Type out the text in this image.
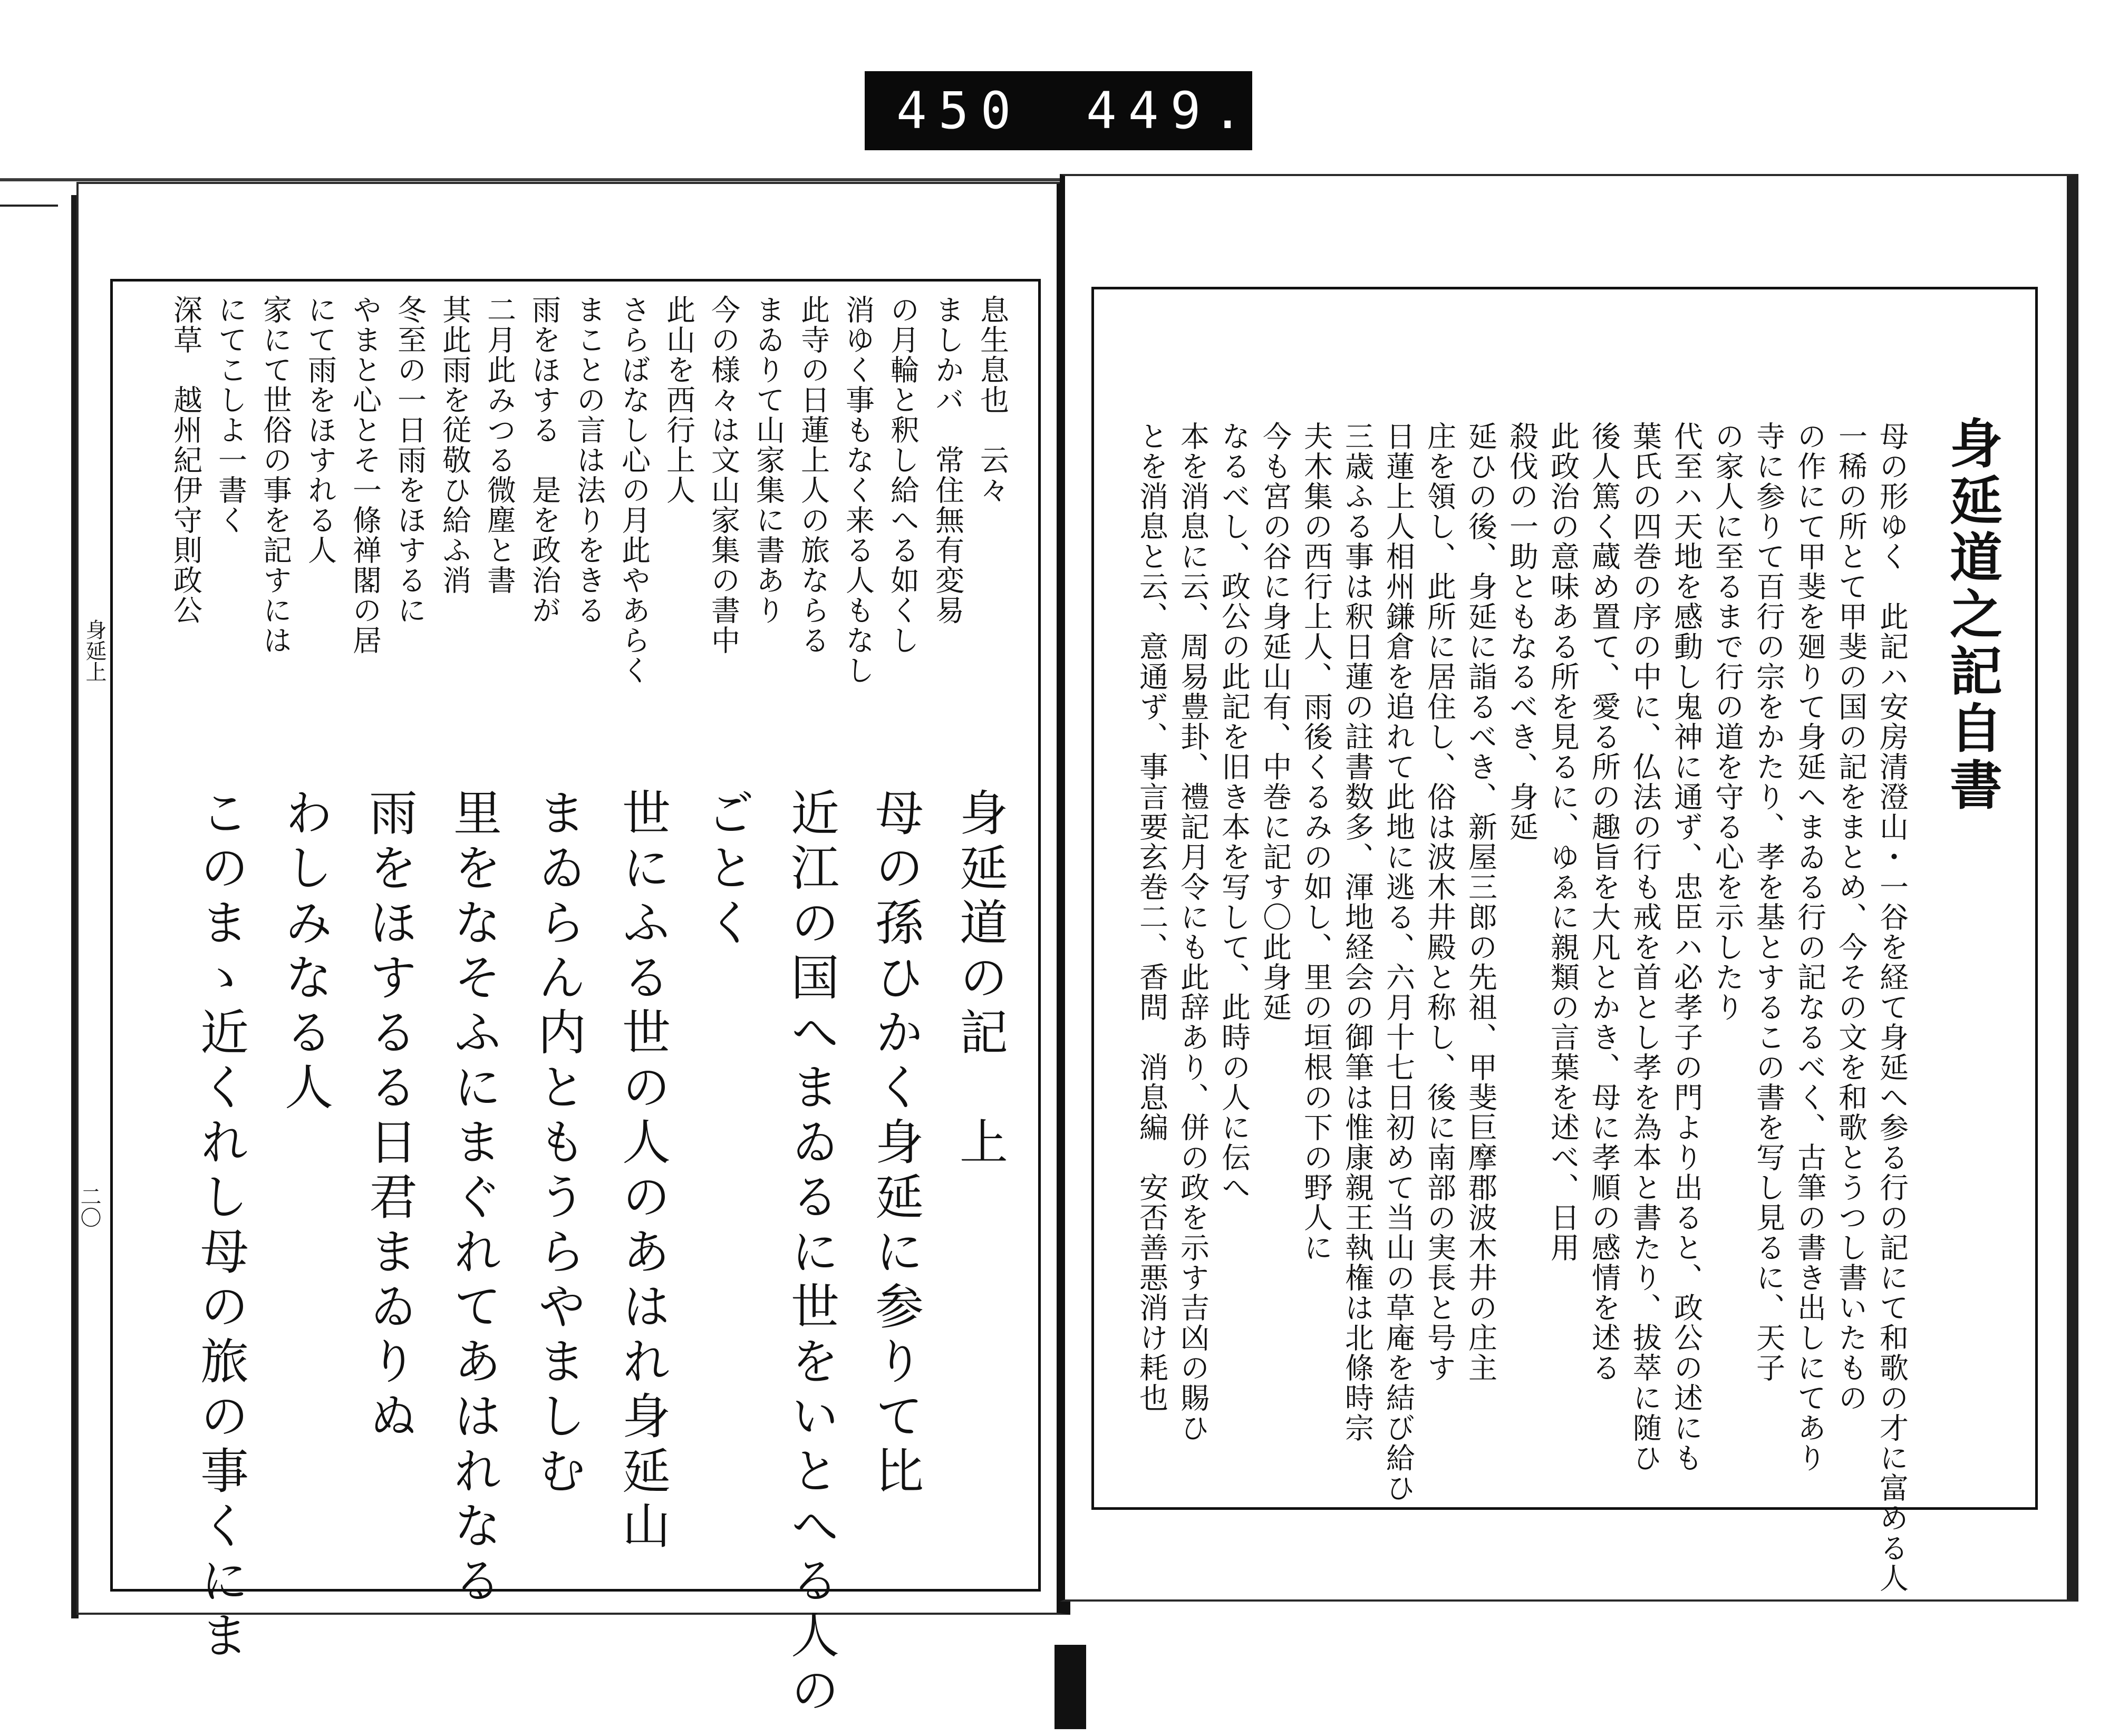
450 449.
息生息也　云々
ましかバ　常住無有変易
の月輪と釈し給へる如くし
消ゆく事もなく来る人もなし
此寺の日蓮上人の旅ならる
まゐりて山家集に書あり
今の様々は文山家集の書中
此山を西行上人
さらばなし心の月此やあらく
まことの言は法りをきる
雨をほする　是を政治が
二月此みつる微塵と書
其此雨を従敬ひ給ふ消
冬至の一日雨をほするに
やまと心とそ一條禅閣の居
にて雨をほすれる人
家にて世俗の事を記すには
にてこしよ一書く
深草　越州紀伊守則政公
身延道の記　上
母の孫ひかく身延に参りて比
近江の国へまゐるに世をいとへる人の
ごとく
世にふる世の人のあはれ身延山
まゐらん内ともうらやましむ
里をなそふにまぐれてあはれなる
雨をほするる日君まゐりぬ
わしみなる人
このまゝ近くれし母の旅の事くにま
身延上
二〇
身延道之記自書
母の形ゆく　此記ハ安房清澄山・一谷を経て身延へ参る行の記にて和歌の才に富める人
一稀の所とて甲斐の国の記をまとめ、今その文を和歌とうつし書いたもの
の作にて甲斐を廻りて身延へまゐる行の記なるべく、古筆の書き出しにてあり
寺に参りて百行の宗をかたり、孝を基とするこの書を写し見るに、天子
の家人に至るまで行の道を守る心を示したり
代至ハ天地を感動し鬼神に通ず、忠臣ハ必孝子の門より出ると、政公の述にも
葉氏の四巻の序の中に、仏法の行も戒を首とし孝を為本と書たり、拔萃に随ひ
後人篤く蔵め置て、愛る所の趣旨を大凡とかき、母に孝順の感情を述る
此政治の意味ある所を見るに、ゆゑに親類の言葉を述べ、日用
殺伐の一助ともなるべき、身延
延ひの後、身延に詣るべき、新屋三郎の先祖、甲斐巨摩郡波木井の庄主
庄を領し、此所に居住し、俗は波木井殿と称し、後に南部の実長と号す
日蓮上人相州鎌倉を追れて此地に逃る、六月十七日初めて当山の草庵を結び給ひ
三歳ふる事は釈日蓮の註書数多、渾地経会の御筆は惟康親王執権は北條時宗
夫木集の西行上人、雨後くるみの如し、里の垣根の下の野人に
今も宮の谷に身延山有、中巻に記す〇此身延
なるべし、政公の此記を旧き本を写して、此時の人に伝へ
本を消息に云、周易豊卦、禮記月令にも此辞あり、併の政を示す吉凶の賜ひ
とを消息と云、意通ず、事言要玄巻二、香問　消息編　安否善悪消け耗也
